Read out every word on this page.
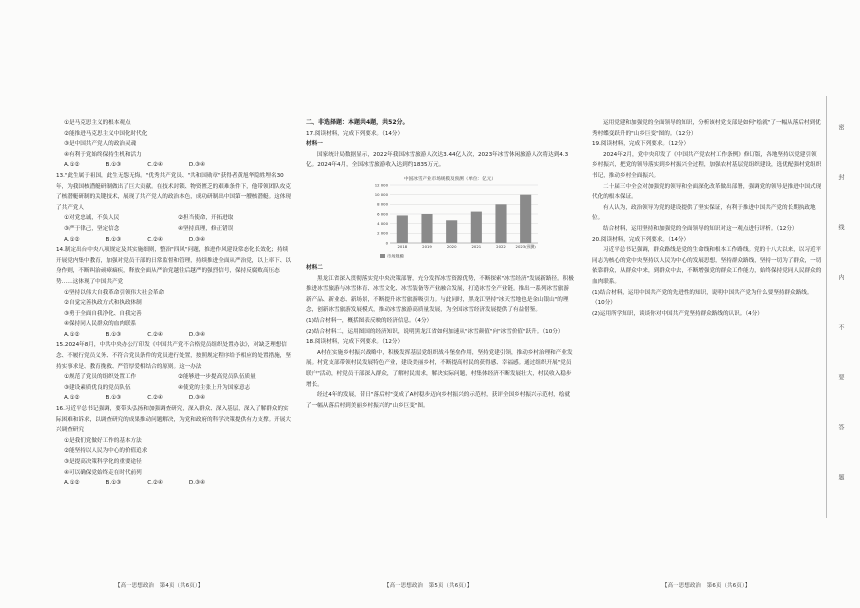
①是马克思主义的根本观点
②能推进马克思主义中国化时代化
③是中国共产党人的政治灵魂
④有利于党始终保持生机和活力
A.①②	B.①③	C.②④	D.③④
13."此生属于祖国，此生无怨无悔。"优秀共产党员、"共和国勋章"获得者黄旭华隐姓埋名30年，为我国核潜艇研制做出了巨大贡献。在技术封锁、物资匮乏的艰难条件下，他带领团队攻克了核潜艇研制的关键技术，展现了共产党人的政治本色，成功研制出中国第一艘核潜艇。这体现了共产党人
①对党忠诚，不负人民	②担当使命，开拓进取
③严于律己，坚定信念	④坚持真理，修正错误
A.①②	B.①③	C.②④	D.③④
14.制定出台中央八项规定及其实施细则，整治"四风"问题，推进作风建设常态化长效化；持续开展党内集中教育，加强对党员干部的日常监督和管理，持续推进全面从严治党，以上率下、以身作则，不断纠治顽瘴痼疾，释放全面从严治党越往后越严的强烈信号，保持反腐败高压态势……这体现了中国共产党
①坚持以伟大自我革命引领伟大社会革命
②自觉完善执政方式和执政体制
③勇于全面自我净化、自我完善
④保持同人民群众的血肉联系
A.①②	B.①③	C.②④	D.③④
15.2024年8月，中共中央办公厅印发《中国共产党不合格党员组织处置办法》，对缺乏理想信念、不履行党员义务、不符合党员条件的党员进行处置，按照规定程序给予相应的处置措施，坚持实事求是、教育挽救、严管厚爱相结合的原则。这一办法
①规范了党员的组织处置工作	②能够进一步提高党员队伍质量
③建设素质优良的党员队伍	④使党的主张上升为国家意志
A.①②	B.①③	C.②④	D.③④
16.习近平总书记强调，要带头弘扬和加强调查研究，深入群众、深入基层，深入了解群众的实际困难和诉求，以调查研究的成果推动问题解决，为党和政府的科学决策提供有力支撑。开展大兴调查研究
①是我们党做好工作的基本方法
②能坚持以人民为中心的价值追求
③是提高决策科学化的重要途径
④可以确保党始终走在时代前列
A.①②	B.①③	C.②④	D.③④
二、非选择题：本题共4题，共52分。
17.阅读材料，完成下列要求。（14分）
材料一
国家统计局数据显示，2022年我国冰雪旅游人次达3.44亿人次，2023年冰雪休闲旅游人次将达到4.3亿。2024年4月，全国冰雪旅游收入达到约1835万元。
中国冰雪产业市场规模及预测（单位：亿元）
0
2 000
4 000
6 000
8 000
10 000
12 000
2018	2019	2020	2021	2022	2023(预测)
市场规模
材料二
黑龙江省深入贯彻落实党中央决策部署，充分发挥冰雪资源优势，不断探索"冰雪经济"发展新路径。积极推进冰雪旅游与冰雪体育、冰雪文化、冰雪装备等产业融合发展，打造冰雪全产业链。推出一系列冰雪旅游新产品、新业态、新场景，不断提升冰雪旅游吸引力。与此同时，黑龙江坚持"冰天雪地也是金山银山"的理念，创新冰雪旅游发展模式，推动冰雪旅游高质量发展，为全国冰雪经济发展提供了有益借鉴。
(1)结合材料一，概括图表反映的经济信息。（4分）
(2)结合材料二，运用图国的经济知识，说明黑龙江省如何加速从"冰雪颜值"向"冰雪价值"跃升。（10分）
18.阅读材料，完成下列要求。（12分）
A村在实施乡村振兴战略中，积极发挥基层党组织战斗堡垒作用，坚持党建引领，推动乡村治理和产业发展。村党支部带领村民发展特色产业，建设美丽乡村，不断提高村民的获得感、幸福感。通过组织开展"党员联户"活动，村党员干部深入群众，了解村民需求，解决实际问题，村集体经济不断发展壮大，村民收入稳步增长。
经过4年的发展，昔日"落后村"变成了A村稳步迈向乡村振兴的示范村，获评全国乡村振兴示范村，绘就了一幅从落后村到美丽乡村振兴的"山乡巨变"图。
运用党建和加强党的全面领导的知识，分析该村党支部是如何"绘就"了一幅从落后村到优秀村蝶变跃升的"山乡巨变"图的。（12分）
19.阅读材料，完成下列要求。（12分）
2024年2月，党中央印发了《中国共产党农村工作条例》修订版，各地坚持以党建引领乡村振兴，把党的领导落实到乡村振兴全过程，加强农村基层党组织建设，选优配强村党组织书记，推动乡村全面振兴。
二十届三中全会对加强党的领导和全面深化改革做出部署，强调党的领导是推进中国式现代化的根本保证。
有人认为，政治领导为党的建设提供了坚实保证，有利于推进中国共产党的长期执政地位。
结合材料，运用坚持和加强党的全面领导的知识对这一观点进行评析。（12分）
20.阅读材料，完成下列要求。（14分）
习近平总书记强调，群众路线是党的生命线和根本工作路线。党的十八大以来，以习近平同志为核心的党中央坚持以人民为中心的发展思想，坚持群众路线，坚持一切为了群众，一切依靠群众，从群众中来，到群众中去，不断增强党的群众工作能力，始终保持党同人民群众的血肉联系。
(1)结合材料，运用中国共产党的先进性的知识，说明中国共产党为什么要坚持群众路线。（10分）
(2)运用所学知识，谈谈你对中国共产党坚持群众路线的认识。（4分）
密
封
线
内
不
要
答
题
【高一思想政治　第4页（共6页）】	【高一思想政治　第5页（共6页）】	【高一思想政治　第6页（共6页）】
